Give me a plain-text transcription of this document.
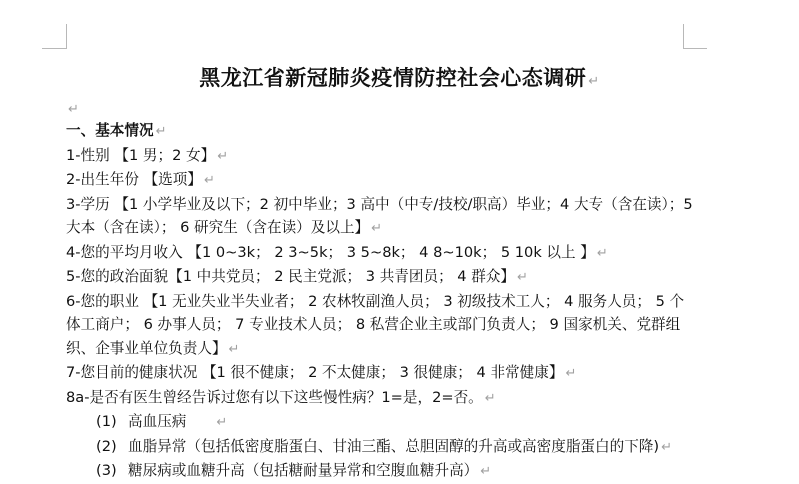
黑龙江省新冠肺炎疫情防控社会心态调研 ↵
↵
一、基本情况 ↵
1-性别 【1 男；2 女】 ↵
2-出生年份 【选项】 ↵
3-学历 【1 小学毕业及以下；2 初中毕业；3 高中（中专/技校/职高）毕业；4 大专（含在读）；5 大本（含在读）； 6 研究生（含在读）及以上】 ↵
4-您的平均月收入 【1 0~3k； 2 3~5k； 3 5~8k； 4 8~10k； 5 10k 以上 】 ↵
5-您的政治面貌【1 中共党员； 2 民主党派； 3 共青团员； 4 群众】 ↵
6-您的职业 【1 无业失业半失业者； 2 农林牧副渔人员； 3 初级技术工人； 4 服务人员； 5 个体工商户； 6 办事人员； 7 专业技术人员； 8 私营企业主或部门负责人； 9 国家机关、党群组织、企事业单位负责人】 ↵
7-您目前的健康状况 【1 很不健康； 2 不太健康； 3 很健康； 4 非常健康】 ↵
8a-是否有医生曾经告诉过您有以下这些慢性病？1=是，2=否。 ↵
(1) 高血压病 ↵
(2) 血脂异常（包括低密度脂蛋白、甘油三酯、总胆固醇的升高或高密度脂蛋白的下降) ↵
(3) 糖尿病或血糖升高（包括糖耐量异常和空腹血糖升高） ↵
